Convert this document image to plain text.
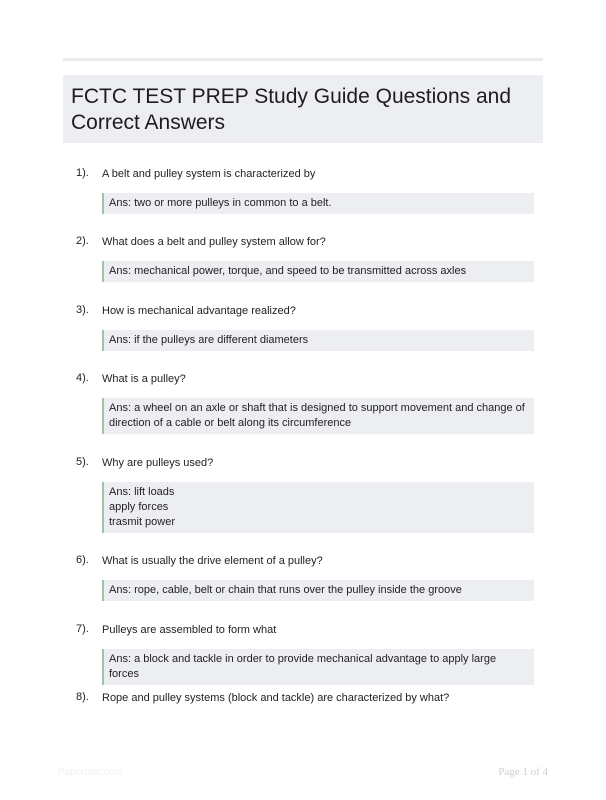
FCTC TEST PREP Study Guide Questions and
Correct Answers
1). A belt and pulley system is characterized by
Ans: two or more pulleys in common to a belt.
2). What does a belt and pulley system allow for?
Ans: mechanical power, torque, and speed to be transmitted across axles
3). How is mechanical advantage realized?
Ans: if the pulleys are different diameters
4). What is a pulley?
Ans: a wheel on an axle or shaft that is designed to support movement and change of
direction of a cable or belt along its circumference
5). Why are pulleys used?
Ans: lift loads
apply forces
trasmit power
6). What is usually the drive element of a pulley?
Ans: rope, cable, belt or chain that runs over the pulley inside the groove
7). Pulleys are assembled to form what
Ans: a block and tackle in order to provide mechanical advantage to apply large forces
8). Rope and pulley systems (block and tackle) are characterized by what?
Paperbbc.com	Page 1 of 4
